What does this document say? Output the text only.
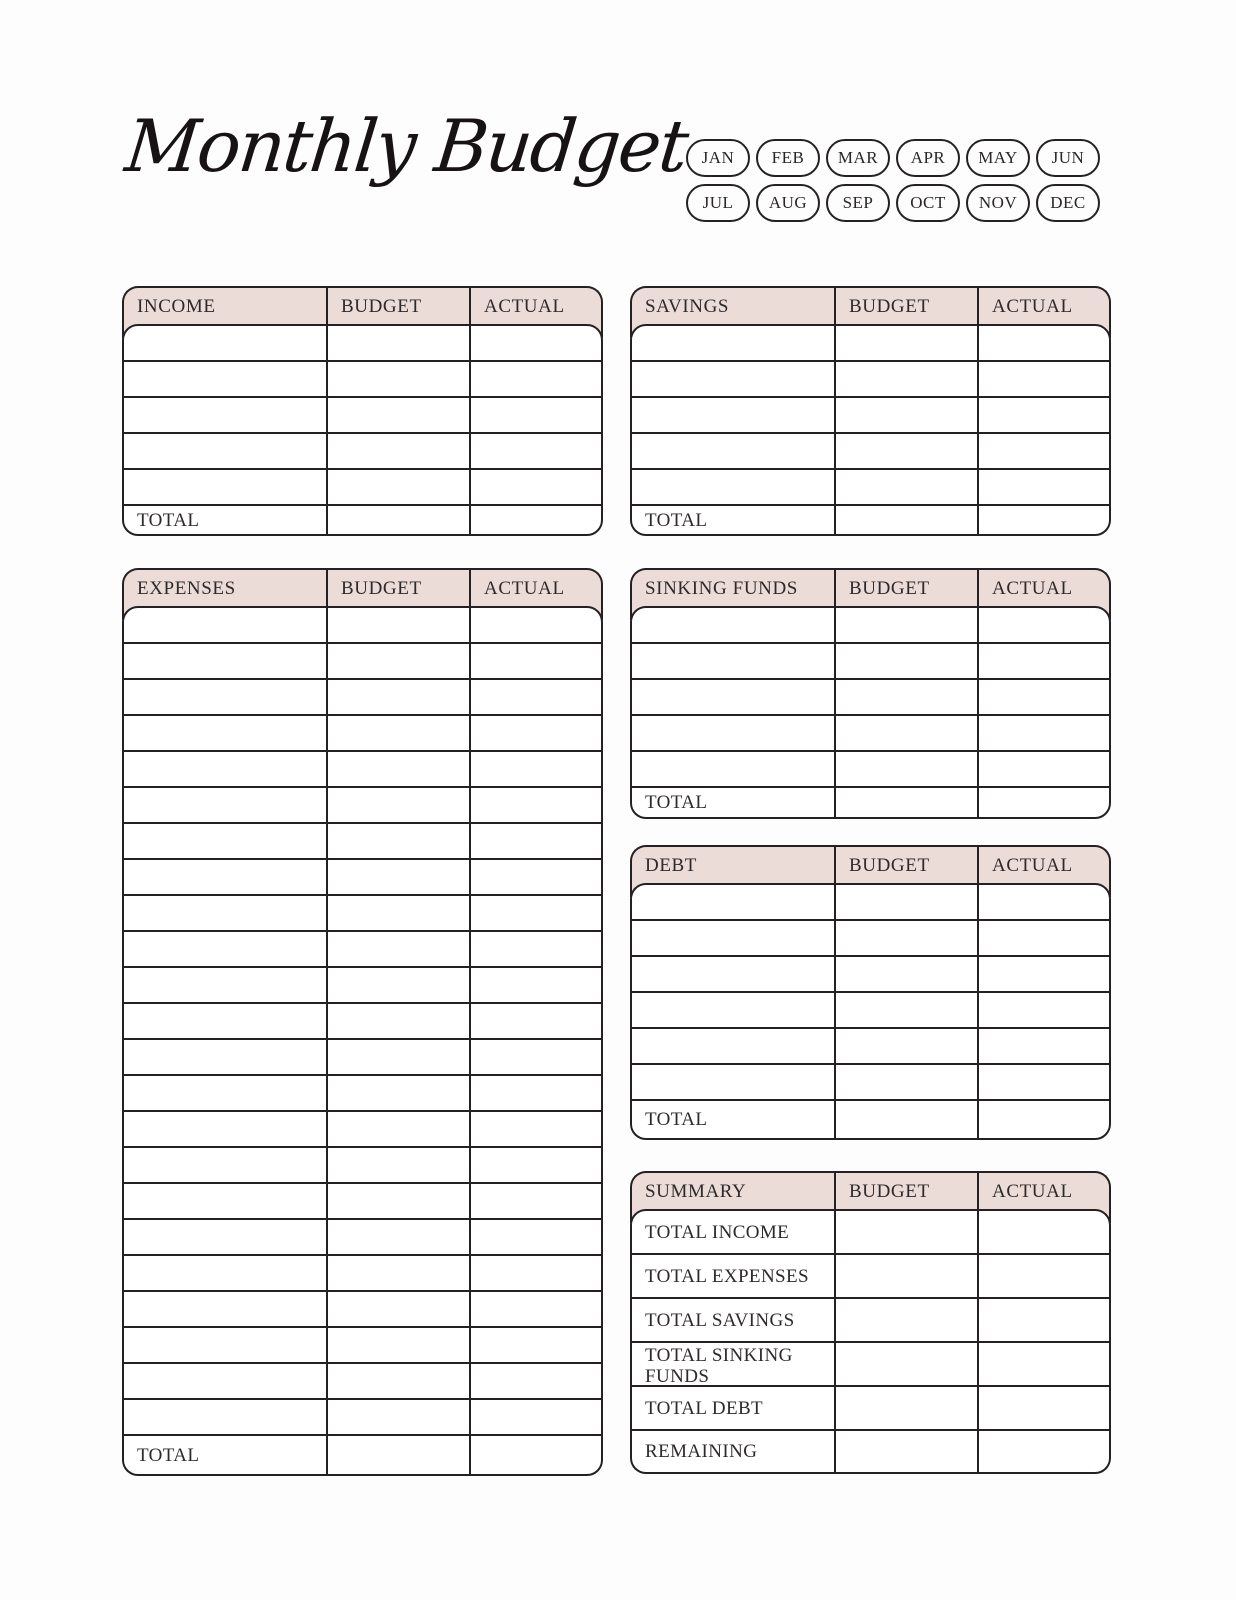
Monthly Budget JAN	FEB	MAR	APR	MAY	JUN
JUL	AUG	SEP	OCT	NOV	DEC
INCOME	BUDGET	ACTUAL
TOTAL
SAVINGS	BUDGET	ACTUAL
TOTAL
EXPENSES	BUDGET	ACTUAL
TOTAL
SINKING FUNDS	BUDGET	ACTUAL
TOTAL
DEBT	BUDGET	ACTUAL
TOTAL
SUMMARY	BUDGET	ACTUAL
TOTAL INCOME
TOTAL EXPENSES
TOTAL SAVINGS
TOTAL SINKING FUNDS
TOTAL DEBT
REMAINING
